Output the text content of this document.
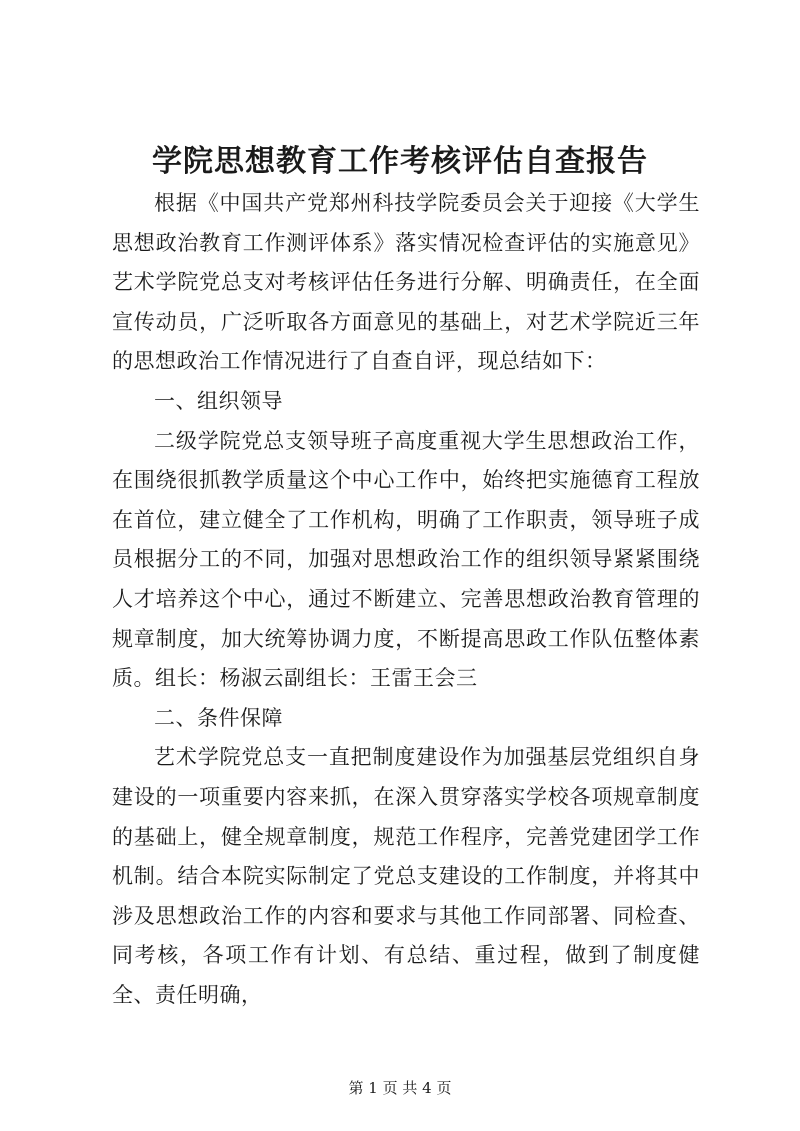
学院思想教育工作考核评估自查报告

根据《中国共产党郑州科技学院委员会关于迎接《大学生思想政治教育工作测评体系》落实情况检查评估的实施意见》艺术学院党总支对考核评估任务进行分解、明确责任，在全面宣传动员，广泛听取各方面意见的基础上，对艺术学院近三年的思想政治工作情况进行了自查自评，现总结如下：

一、组织领导

二级学院党总支领导班子高度重视大学生思想政治工作，在围绕很抓教学质量这个中心工作中，始终把实施德育工程放在首位，建立健全了工作机构，明确了工作职责，领导班子成员根据分工的不同，加强对思想政治工作的组织领导紧紧围绕人才培养这个中心，通过不断建立、完善思想政治教育管理的规章制度，加大统筹协调力度，不断提高思政工作队伍整体素质。组长：杨淑云副组长：王雷王会三

二、条件保障

艺术学院党总支一直把制度建设作为加强基层党组织自身建设的一项重要内容来抓，在深入贯穿落实学校各项规章制度的基础上，健全规章制度，规范工作程序，完善党建团学工作机制。结合本院实际制定了党总支建设的工作制度，并将其中涉及思想政治工作的内容和要求与其他工作同部署、同检查、同考核，各项工作有计划、有总结、重过程，做到了制度健全、责任明确，

第 1 页 共 4 页
